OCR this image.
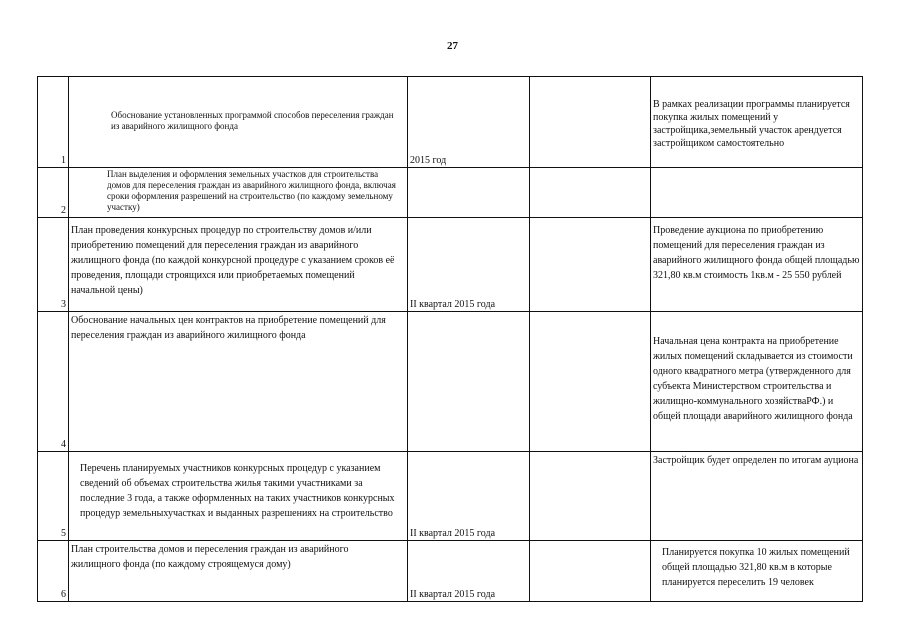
27
1	Обоснование установленных программой способов переселения граждан из аварийного жилищного фонда	2015 год		В рамках реализации программы планируется покупка жилых помещений у застройщика,земельный участок арендуется застройщиком самостоятельно

2	План выделения и оформления земельных участков для строительства домов для переселения граждан из аварийного жилищного фонда, включая сроки оформления разрешений на строительство (по каждому земельному участку)			

3	План проведения конкурсных процедур по строительству домов и/или приобретению помещений для переселения граждан из аварийного жилищного фонда (по каждой конкурсной процедуре с указанием сроков её проведения, площади строящихся или приобретаемых помещений начальной цены)	II квартал 2015 года		Проведение аукциона по приобретению помещений для переселения граждан из аварийного жилищного фонда общей площадью 321,80 кв.м стоимость 1кв.м - 25 550 рублей

4	Обоснование начальных цен контрактов на приобретение помещений для переселения граждан из аварийного жилищного фонда			Начальная цена контракта на приобретение жилых помещений складывается из стоимости одного квадратного метра (утвержденного для субъекта Министерством строительства и жилищно-коммунального хозяйстваРФ.) и общей площади аварийного жилищного фонда

5	Перечень планируемых участников конкурсных процедур с указанием сведений об объемах строительства жилья такими участниками за последние 3 года, а также оформленных на таких участников конкурсных процедур земельныхучастках и выданных разрешениях на строительство	II квартал 2015 года		Застройщик будет определен по итогам ауциона

6	План строительства домов и переселения граждан из аварийного жилищного фонда (по каждому строящемуся дому)	II квартал 2015 года		Планируется покупка 10 жилых помещений общей площадью 321,80 кв.м в которые планируется переселить 19 человек
